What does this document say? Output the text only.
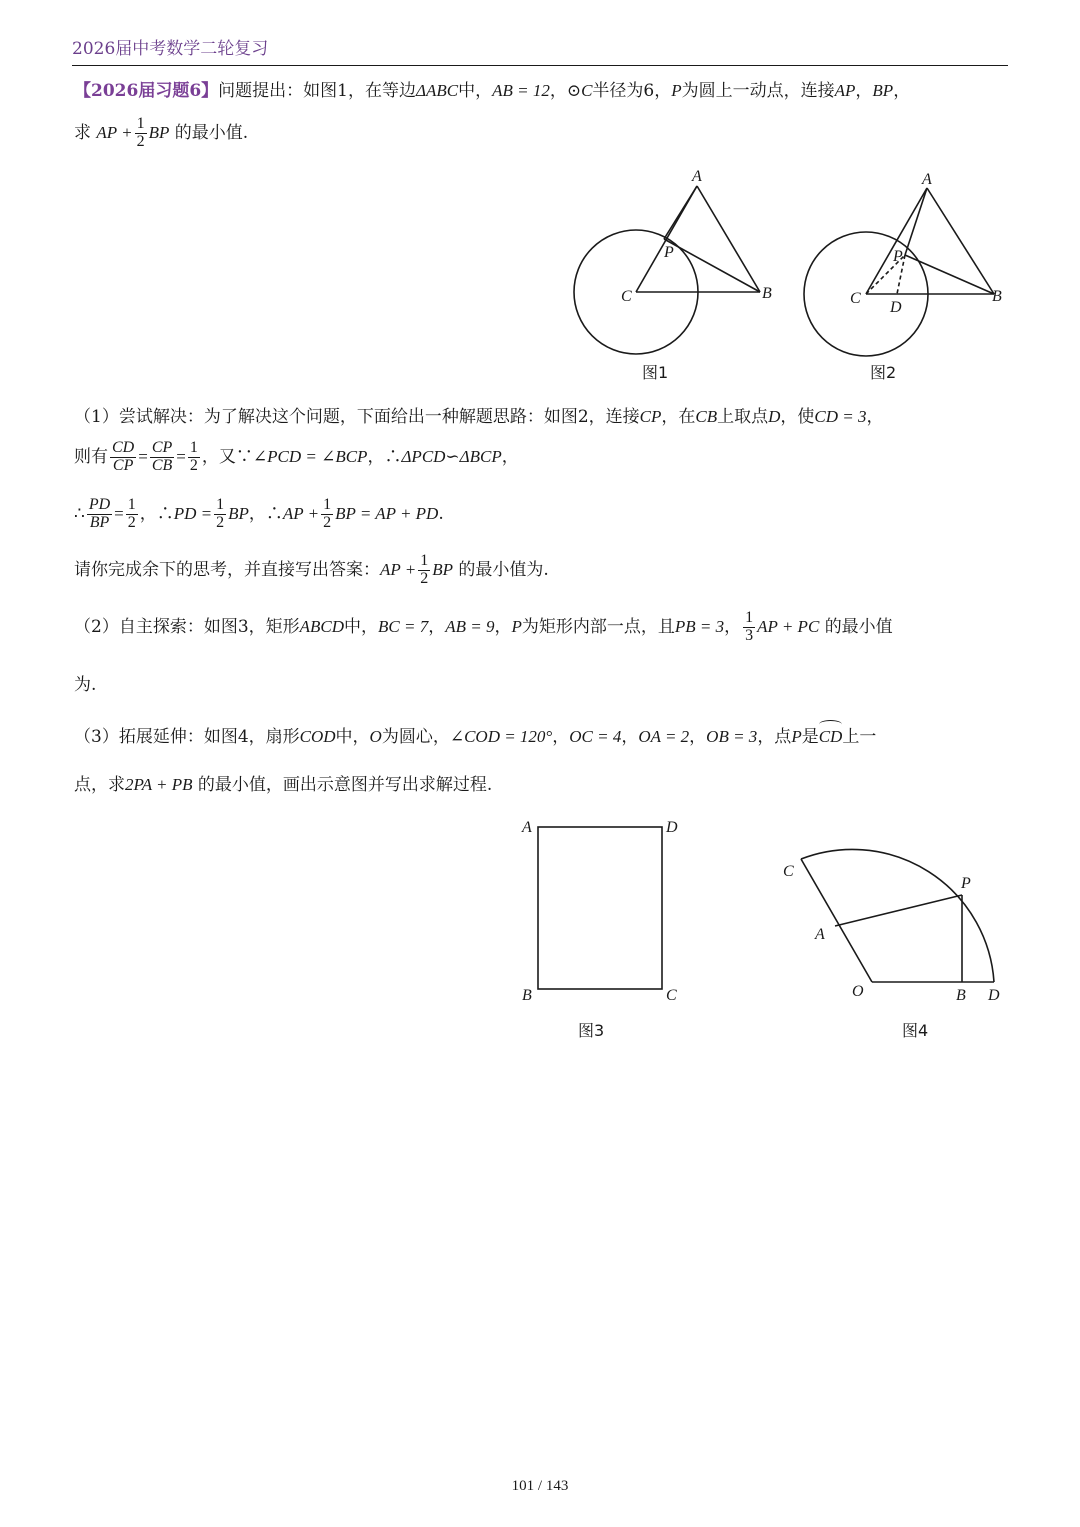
2026届中考数学二轮复习
【2026届习题6】问题提出：如图1，在等边ΔABC中，AB = 12，⊙C半径为6，P为圆上一动点，连接AP，BP，
求 AP + $\frac{1}{2}$ BP 的最小值.
A
P
C	B
图1
A
P
C
D
B
图2
（1）尝试解决：为了解决这个问题，下面给出一种解题思路：如图2，连接CP，在CB上取点D，使CD = 3，
则有 $\frac{CD}{CP} = \frac{CP}{CB} = \frac{1}{2}$ ，又∵∠PCD = ∠BCP，∴ΔPCD∽ΔBCP，
∴ $\frac{PD}{BP} = \frac{1}{2}$ ，∴PD = $\frac{1}{2}$ BP，∴AP + $\frac{1}{2}$ BP = AP + PD.
请你完成余下的思考，并直接写出答案：AP + $\frac{1}{2}$ BP 的最小值为.
（2）自主探索：如图3，矩形ABCD中，BC = 7，AB = 9，P为矩形内部一点，且PB = 3， $\frac{1}{3}$ AP + PC 的最小值
为.
（3）拓展延伸：如图4，扇形COD中，O为圆心，∠COD = 120°，OC = 4，OA = 2，OB = 3，点P是
CD上一
点，求2PA + PB 的最小值，画出示意图并写出求解过程.
A	D
B	C
图3
C
P
A
O	B D
图4
101 / 143
